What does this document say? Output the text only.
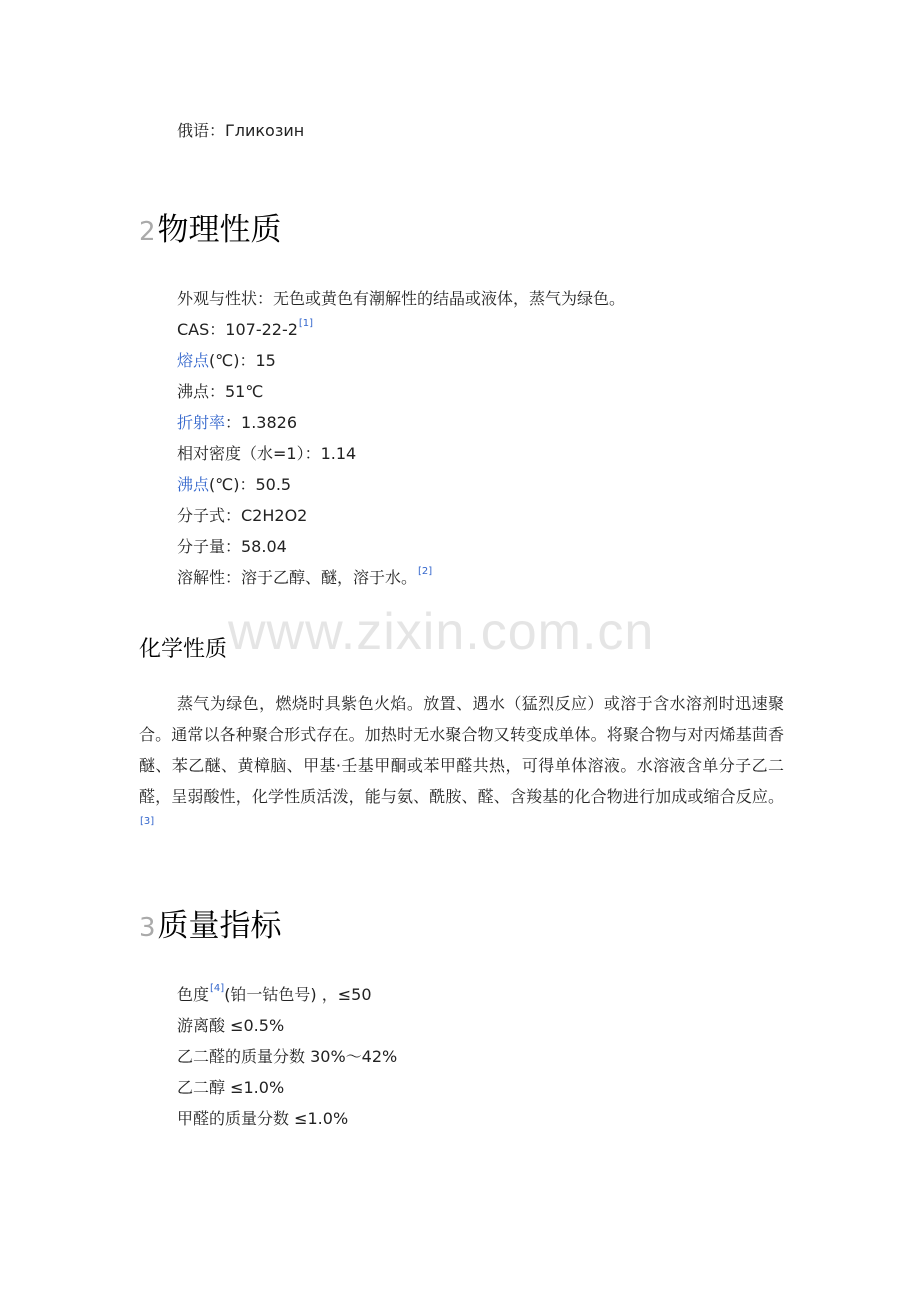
俄语：Гликозин
2物理性质
外观与性状：无色或黄色有潮解性的结晶或液体，蒸气为绿色。
CAS：107-22-2[1]
熔点(℃)：15
沸点：51℃
折射率：1.3826
相对密度（水=1）：1.14
沸点(℃)：50.5
分子式：C2H2O2
分子量：58.04
溶解性：溶于乙醇、醚，溶于水。[2]
www.zixin.com.cn
化学性质
蒸气为绿色，燃烧时具紫色火焰。放置、遇水（猛烈反应）或溶于含水溶剂时迅速聚合。通常以各种聚合形式存在。加热时无水聚合物又转变成单体。将聚合物与对丙烯基茴香醚、苯乙醚、黄樟脑、甲基·壬基甲酮或苯甲醛共热，可得单体溶液。水溶液含单分子乙二醛，呈弱酸性，化学性质活泼，能与氨、酰胺、醛、含羧基的化合物进行加成或缩合反应。[3]
3质量指标
色度[4](铂一钴色号) ，≤50
游离酸 ≤0.5%
乙二醛的质量分数 30%～42%
乙二醇 ≤1.0%
甲醛的质量分数 ≤1.0%
